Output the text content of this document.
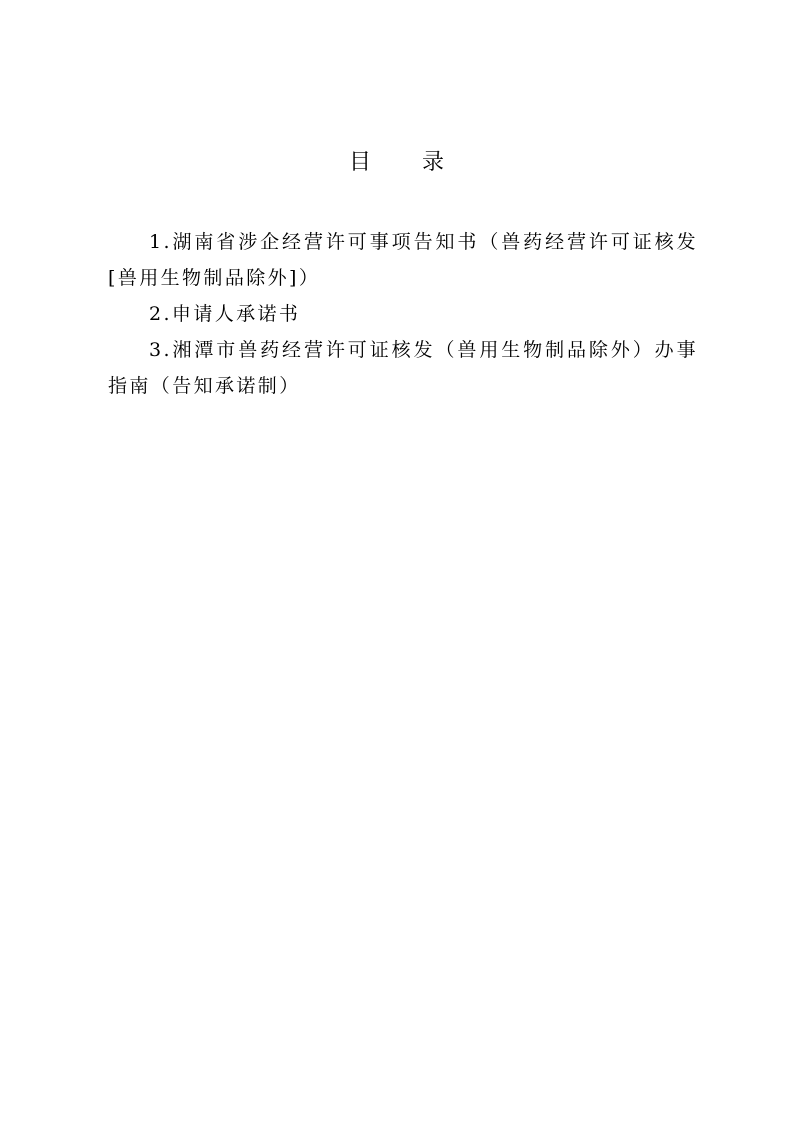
目 录
1.湖南省涉企经营许可事项告知书（兽药经营许可证核发[兽用生物制品除外]）
2.申请人承诺书
3.湘潭市兽药经营许可证核发（兽用生物制品除外）办事指南（告知承诺制）
